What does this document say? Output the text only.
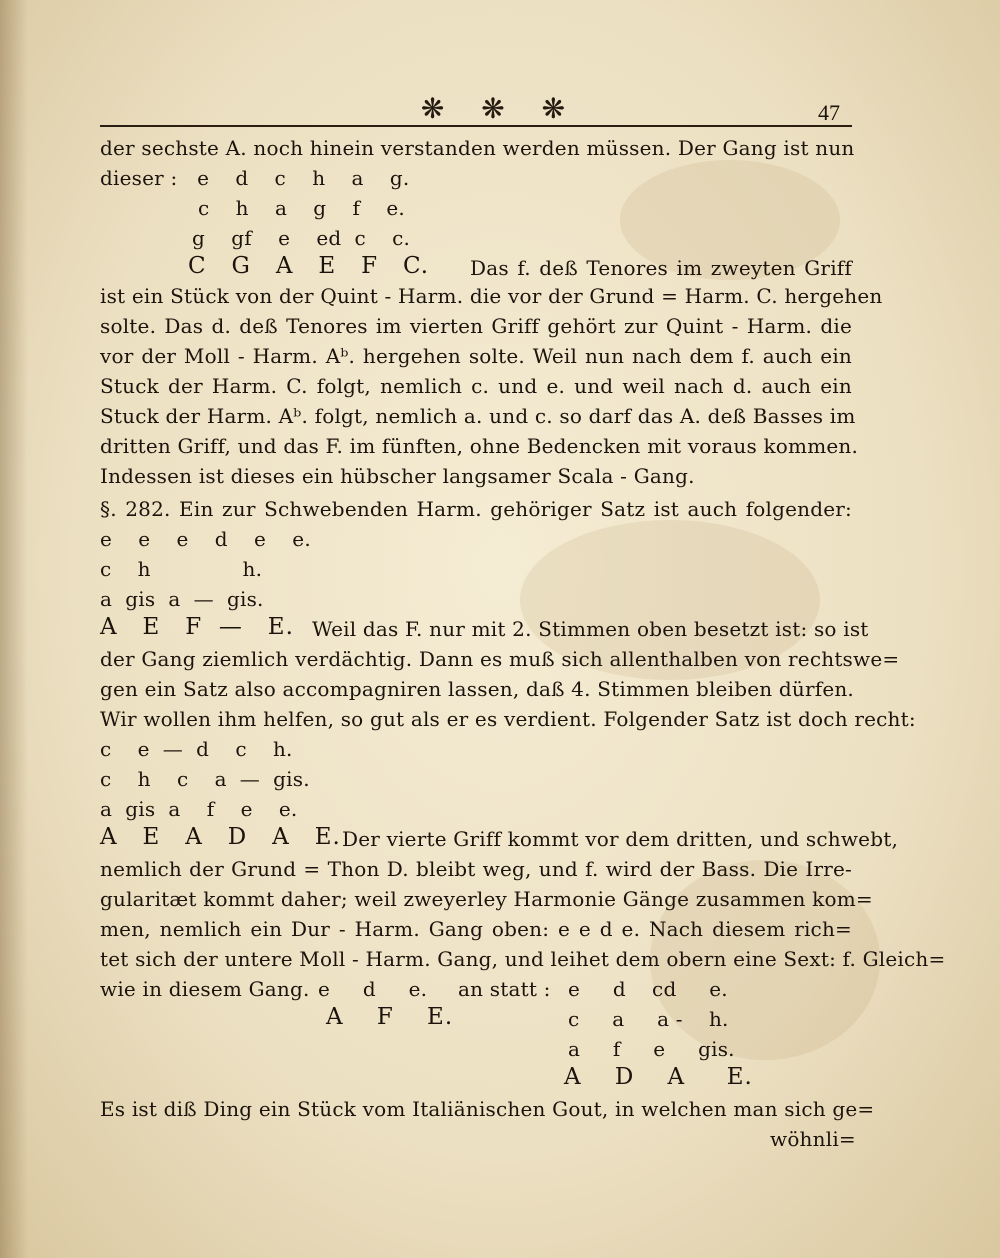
❋ ❋ ❋	47
der sechste A. noch hinein verstanden werden müssen. Der Gang ist nun
dieser :   e    d    c    h    a    g.
c    h    a    g    f    e.
g    gf    e    ed  c    c.
C   G   A   E   F   C. Das f. deß Tenores im zweyten Griff
ist ein Stück von der Quint - Harm. die vor der Grund = Harm. C. hergehen
solte. Das d. deß Tenores im vierten Griff gehört zur Quint - Harm. die
vor der Moll - Harm. Aᵇ. hergehen solte. Weil nun nach dem f. auch ein
Stuck der Harm. C. folgt, nemlich c. und e. und weil nach d. auch ein
Stuck der Harm. Aᵇ. folgt, nemlich a. und c. so darf das A. deß Basses im
dritten Griff, und das F. im fünften, ohne Bedencken mit voraus kommen.
Indessen ist dieses ein hübscher langsamer Scala - Gang.
§. 282. Ein zur Schwebenden Harm. gehöriger Satz ist auch folgender:
e    e    e    d    e    e.
c    h              h.
a  gis  a  —  gis.
A   E   F  —   E. Weil das F. nur mit 2. Stimmen oben besetzt ist: so ist
der Gang ziemlich verdächtig. Dann es muß sich allenthalben von rechtswe=
gen ein Satz also accompagniren lassen, daß 4. Stimmen bleiben dürfen.
Wir wollen ihm helfen, so gut als er es verdient. Folgender Satz ist doch recht:
c    e  —  d    c    h.
c    h    c    a  —  gis.
a  gis  a    f    e    e.
A   E   A   D   A   E. Der vierte Griff kommt vor dem dritten, und schwebt,
nemlich der Grund = Thon D. bleibt weg, und f. wird der Bass. Die Irre-
gularitæt kommt daher; weil zweyerley Harmonie Gänge zusammen kom=
men, nemlich ein Dur - Harm. Gang oben: e e d e. Nach diesem rich=
tet sich der untere Moll - Harm. Gang, und leihet dem obern eine Sext: f. Gleich=
wie in diesem Gang. e     d     e. an statt : e     d    cd     e.
A    F    E.	c     a     a -    h.
a     f     e     gis.
A    D    A     E.
Es ist diß Ding ein Stück vom Italiänischen Gout, in welchen man sich ge=
wöhnli=
